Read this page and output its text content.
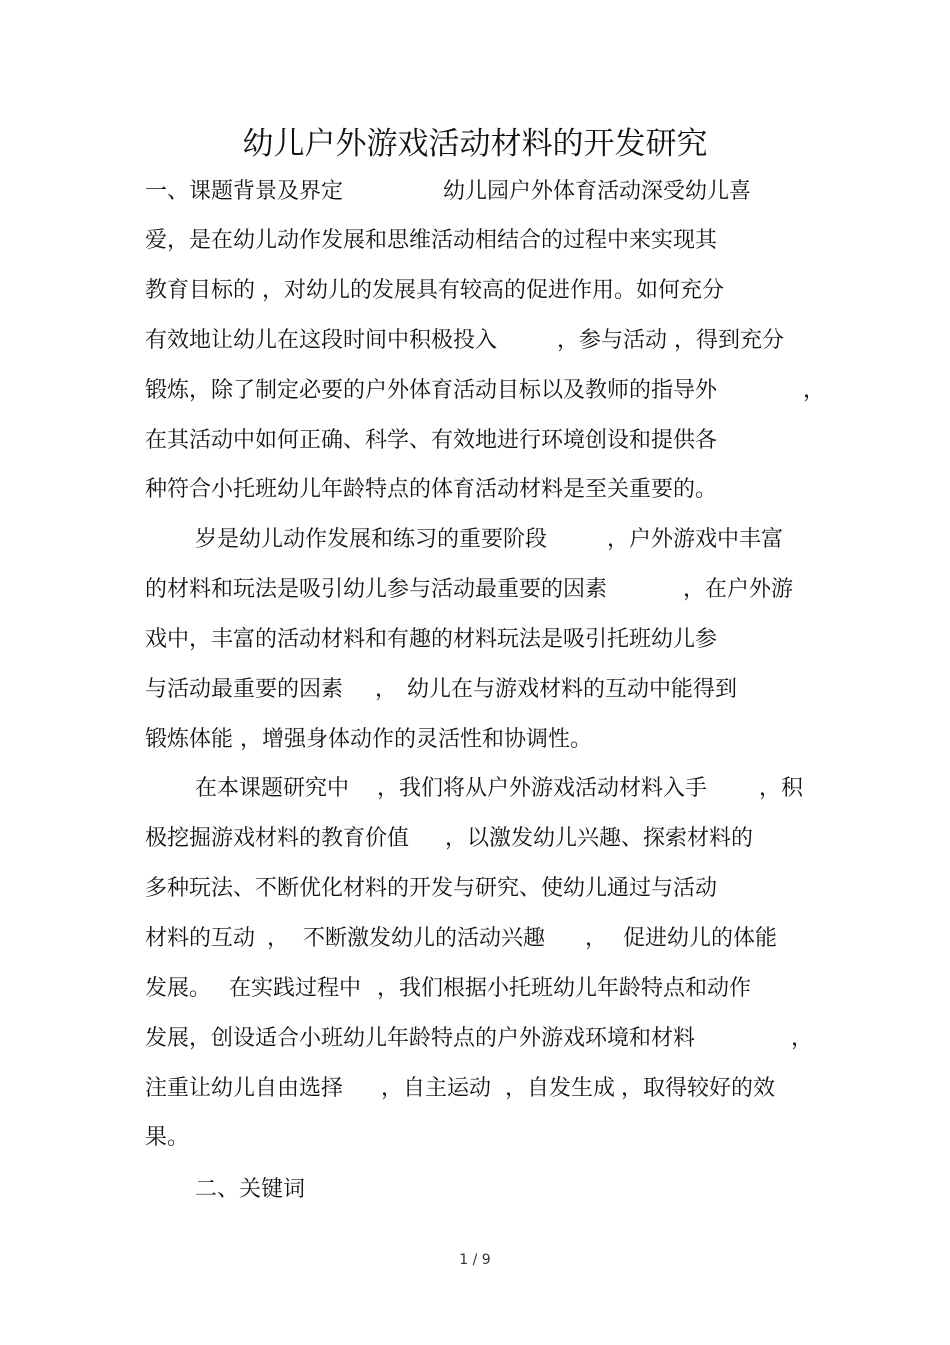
幼儿户外游戏活动材料的开发研究
一、课题背景及界定	幼儿园户外体育活动深受幼儿喜
爱，是在幼儿动作发展和思维活动相结合的过程中来实现其
教育目标的 ，对幼儿的发展具有较高的促进作用。如何充分
有效地让幼儿在这段时间中积极投入	，参与活动 ，得到充分
锻炼，除了制定必要的户外体育活动目标以及教师的指导外	，
在其活动中如何正确、科学、有效地进行环境创设和提供各
种符合小托班幼儿年龄特点的体育活动材料是至关重要的。
岁是幼儿动作发展和练习的重要阶段	，户外游戏中丰富
的材料和玩法是吸引幼儿参与活动最重要的因素	，在户外游
戏中，丰富的活动材料和有趣的材料玩法是吸引托班幼儿参
与活动最重要的因素 ， 幼儿在与游戏材料的互动中能得到
锻炼体能 ，增强身体动作的灵活性和协调性。
在本课题研究中 ，我们将从户外游戏活动材料入手 ，积
极挖掘游戏材料的教育价值 ，以激发幼儿兴趣、探索材料的
多种玩法、不断优化材料的开发与研究、使幼儿通过与活动
材料的互动 ， 不断激发幼儿的活动兴趣 ， 促进幼儿的体能
发展。 在实践过程中 ，我们根据小托班幼儿年龄特点和动作
发展，创设适合小班幼儿年龄特点的户外游戏环境和材料	，
注重让幼儿自由选择 ，自主运动 ，自发生成 ，取得较好的效
果。
二、关键词
1 / 9
